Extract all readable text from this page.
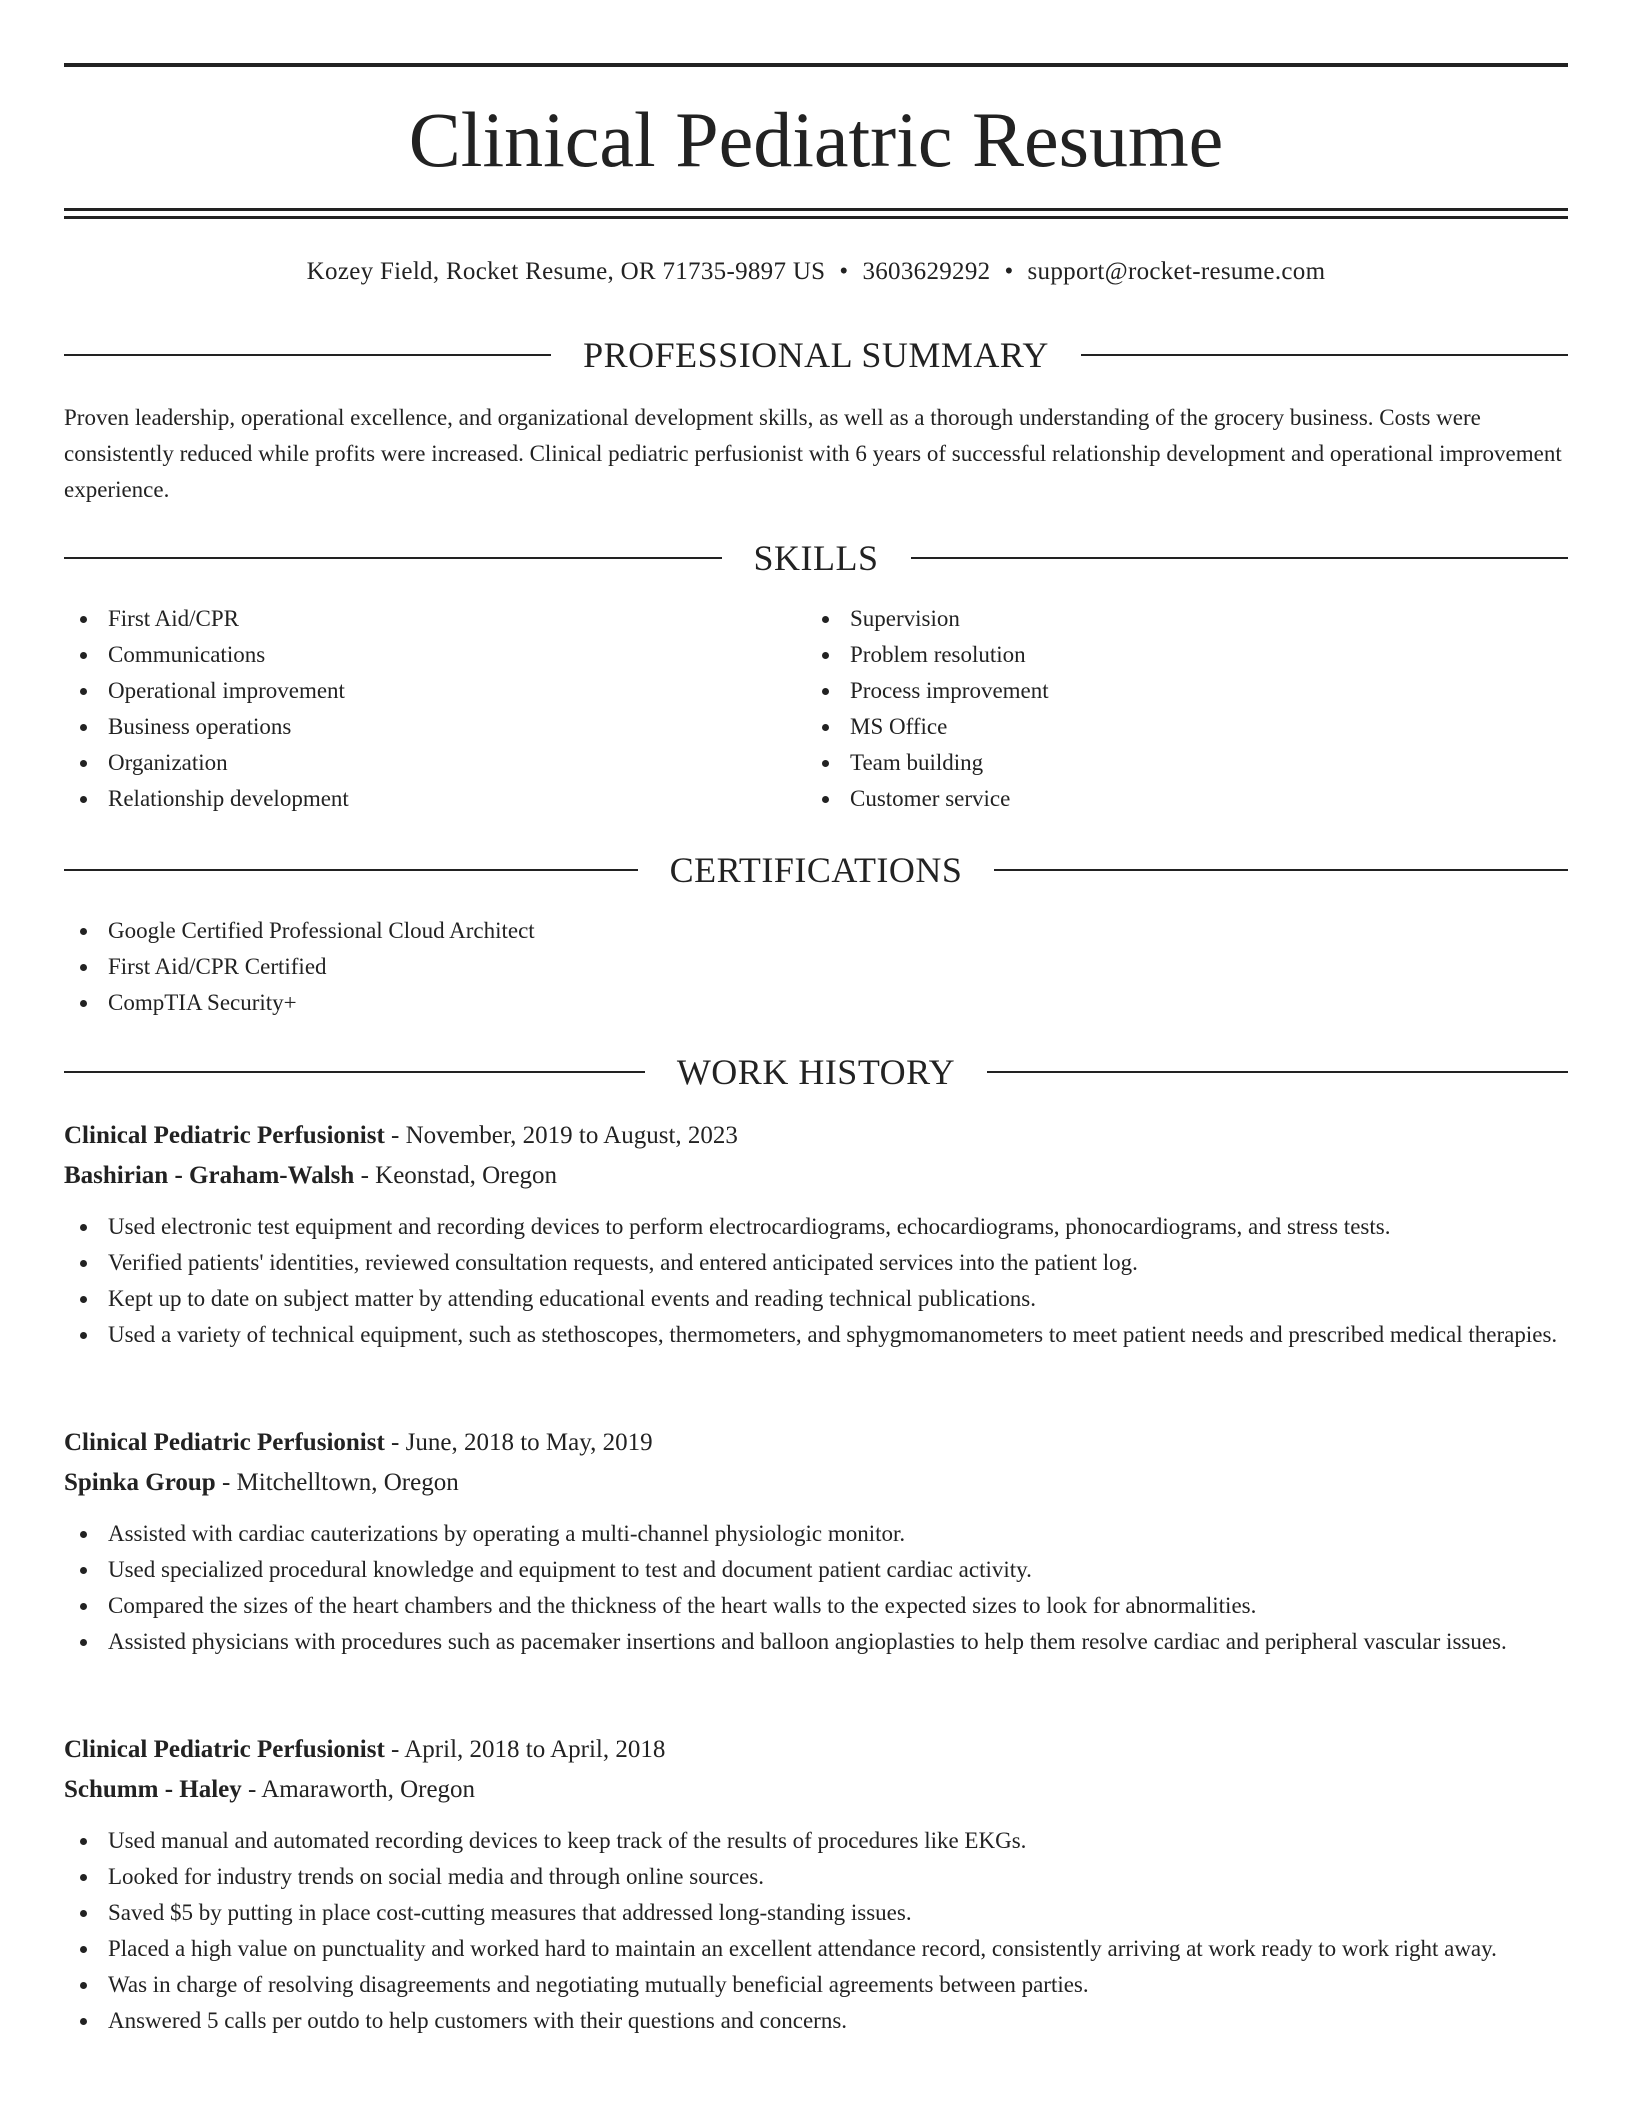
Clinical Pediatric Resume
Kozey Field, Rocket Resume, OR 71735-9897 US • 3603629292 • support@rocket-resume.com
PROFESSIONAL SUMMARY

Proven leadership, operational excellence, and organizational development skills, as well as a thorough understanding of the grocery business. Costs were consistently reduced while profits were increased. Clinical pediatric perfusionist with 6 years of successful relationship development and operational improvement experience.

SKILLS
First Aid/CPR
Communications
Operational improvement
Business operations
Organization
Relationship development
Supervision
Problem resolution
Process improvement
MS Office
Team building
Customer service
CERTIFICATIONS
Google Certified Professional Cloud Architect
First Aid/CPR Certified
CompTIA Security+
WORK HISTORY
Clinical Pediatric Perfusionist - November, 2019 to August, 2023
Bashirian - Graham-Walsh - Keonstad, Oregon
Used electronic test equipment and recording devices to perform electrocardiograms, echocardiograms, phonocardiograms, and stress tests.
Verified patients' identities, reviewed consultation requests, and entered anticipated services into the patient log.
Kept up to date on subject matter by attending educational events and reading technical publications.
Used a variety of technical equipment, such as stethoscopes, thermometers, and sphygmomanometers to meet patient needs and prescribed medical therapies.
Clinical Pediatric Perfusionist - June, 2018 to May, 2019
Spinka Group - Mitchelltown, Oregon
Assisted with cardiac cauterizations by operating a multi-channel physiologic monitor.
Used specialized procedural knowledge and equipment to test and document patient cardiac activity.
Compared the sizes of the heart chambers and the thickness of the heart walls to the expected sizes to look for abnormalities.
Assisted physicians with procedures such as pacemaker insertions and balloon angioplasties to help them resolve cardiac and peripheral vascular issues.
Clinical Pediatric Perfusionist - April, 2018 to April, 2018
Schumm - Haley - Amaraworth, Oregon
Used manual and automated recording devices to keep track of the results of procedures like EKGs.
Looked for industry trends on social media and through online sources.
Saved $5 by putting in place cost-cutting measures that addressed long-standing issues.
Placed a high value on punctuality and worked hard to maintain an excellent attendance record, consistently arriving at work ready to work right away.
Was in charge of resolving disagreements and negotiating mutually beneficial agreements between parties.
Answered 5 calls per outdo to help customers with their questions and concerns.
